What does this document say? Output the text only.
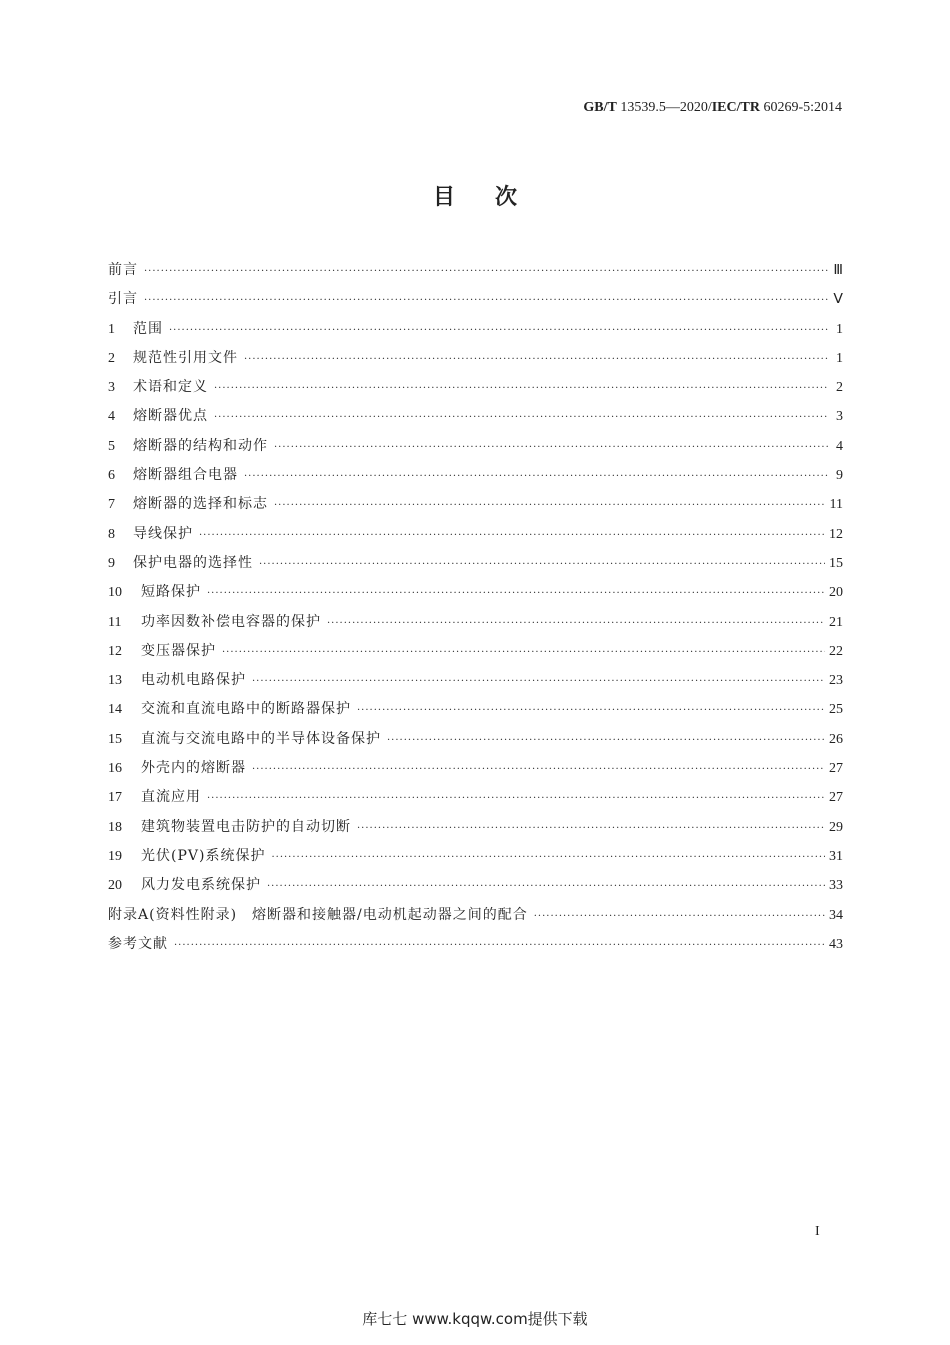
GB/T 13539.5—2020/IEC/TR 60269-5:2014
目次
前言 ·····	Ⅲ
引言 ·····	Ⅴ
1	范围 ·····	1
2	规范性引用文件 ·····	1
3	术语和定义 ·····	2
4	熔断器优点 ·····	3
5	熔断器的结构和动作 ·····	4
6	熔断器组合电器 ·····	9
7	熔断器的选择和标志 ·····	11
8	导线保护 ·····	12
9	保护电器的选择性 ·····	15
10	短路保护 ·····	20
11	功率因数补偿电容器的保护 ·····	21
12	变压器保护 ·····	22
13	电动机电路保护 ·····	23
14	交流和直流电路中的断路器保护 ·····	25
15	直流与交流电路中的半导体设备保护 ·····	26
16	外壳内的熔断器 ·····	27
17	直流应用 ·····	27
18	建筑物装置电击防护的自动切断 ·····	29
19	光伏(PV)系统保护 ·····	31
20	风力发电系统保护 ·····	33
附录A(资料性附录)　熔断器和接触器/电动机起动器之间的配合 ·····	34
参考文献 ·····	43
I
库七七 www.kqqw.com提供下载
